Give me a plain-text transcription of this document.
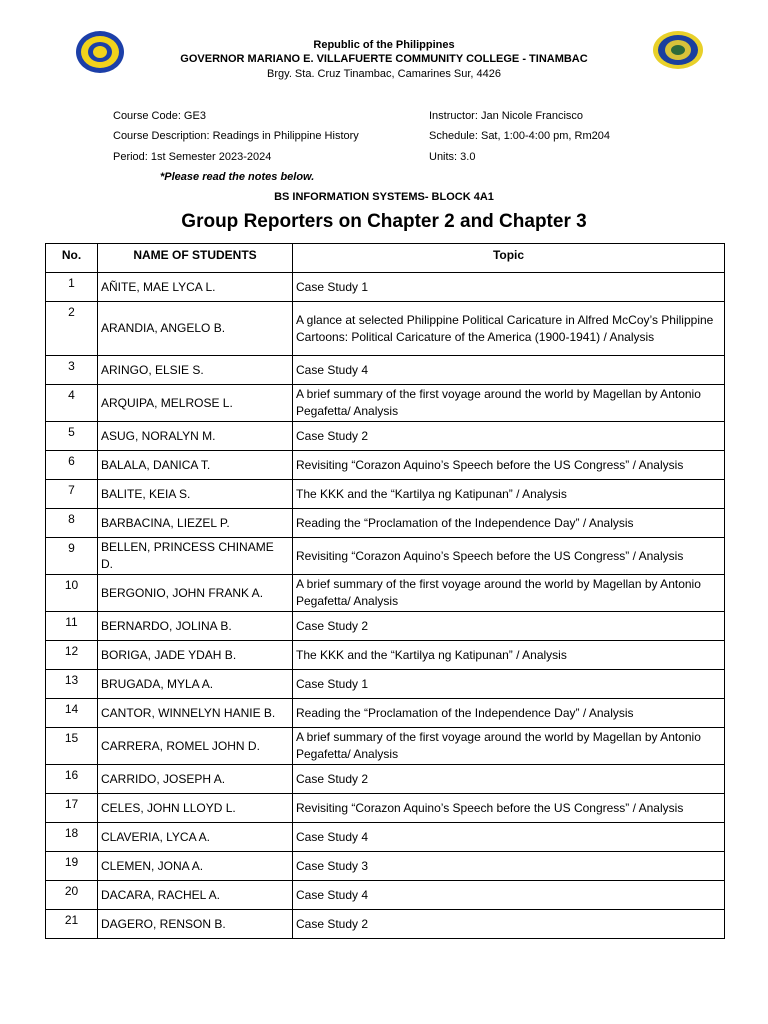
Republic of the Philippines
GOVERNOR MARIANO E. VILLAFUERTE COMMUNITY COLLEGE - TINAMBAC
Brgy. Sta. Cruz Tinambac, Camarines Sur, 4426
Course Code: GE3
Course Description: Readings in Philippine History
Period: 1st Semester 2023-2024
Instructor: Jan Nicole Francisco
Schedule: Sat, 1:00-4:00 pm, Rm204
Units: 3.0
*Please read the notes below.
BS INFORMATION SYSTEMS- BLOCK 4A1
Group Reporters on Chapter 2 and Chapter 3
No.	NAME OF STUDENTS	Topic
1	AÑITE, MAE LYCA L.	Case Study 1
2	ARANDIA, ANGELO B.	A glance at selected Philippine Political Caricature in Alfred McCoy’s Philippine Cartoons: Political Caricature of the America (1900-1941) / Analysis
3	ARINGO, ELSIE S.	Case Study 4
4	ARQUIPA, MELROSE L.	A brief summary of the first voyage around the world by Magellan by Antonio Pegafetta/ Analysis
5	ASUG, NORALYN M.	Case Study 2
6	BALALA, DANICA T.	Revisiting “Corazon Aquino’s Speech before the US Congress” / Analysis
7	BALITE, KEIA S.	The KKK and the “Kartilya ng Katipunan” / Analysis
8	BARBACINA, LIEZEL P.	Reading the “Proclamation of the Independence Day” / Analysis
9	BELLEN, PRINCESS CHINAME D.	Revisiting “Corazon Aquino’s Speech before the US Congress” / Analysis
10	BERGONIO, JOHN FRANK A.	A brief summary of the first voyage around the world by Magellan by Antonio Pegafetta/ Analysis
11	BERNARDO, JOLINA B.	Case Study 2
12	BORIGA, JADE YDAH B.	The KKK and the “Kartilya ng Katipunan” / Analysis
13	BRUGADA, MYLA A.	Case Study 1
14	CANTOR, WINNELYN HANIE B.	Reading the “Proclamation of the Independence Day” / Analysis
15	CARRERA, ROMEL JOHN D.	A brief summary of the first voyage around the world by Magellan by Antonio Pegafetta/ Analysis
16	CARRIDO, JOSEPH A.	Case Study 2
17	CELES, JOHN LLOYD L.	Revisiting “Corazon Aquino’s Speech before the US Congress” / Analysis
18	CLAVERIA, LYCA A.	Case Study 4
19	CLEMEN, JONA A.	Case Study 3
20	DACARA, RACHEL A.	Case Study 4
21	DAGERO, RENSON B.	Case Study 2
